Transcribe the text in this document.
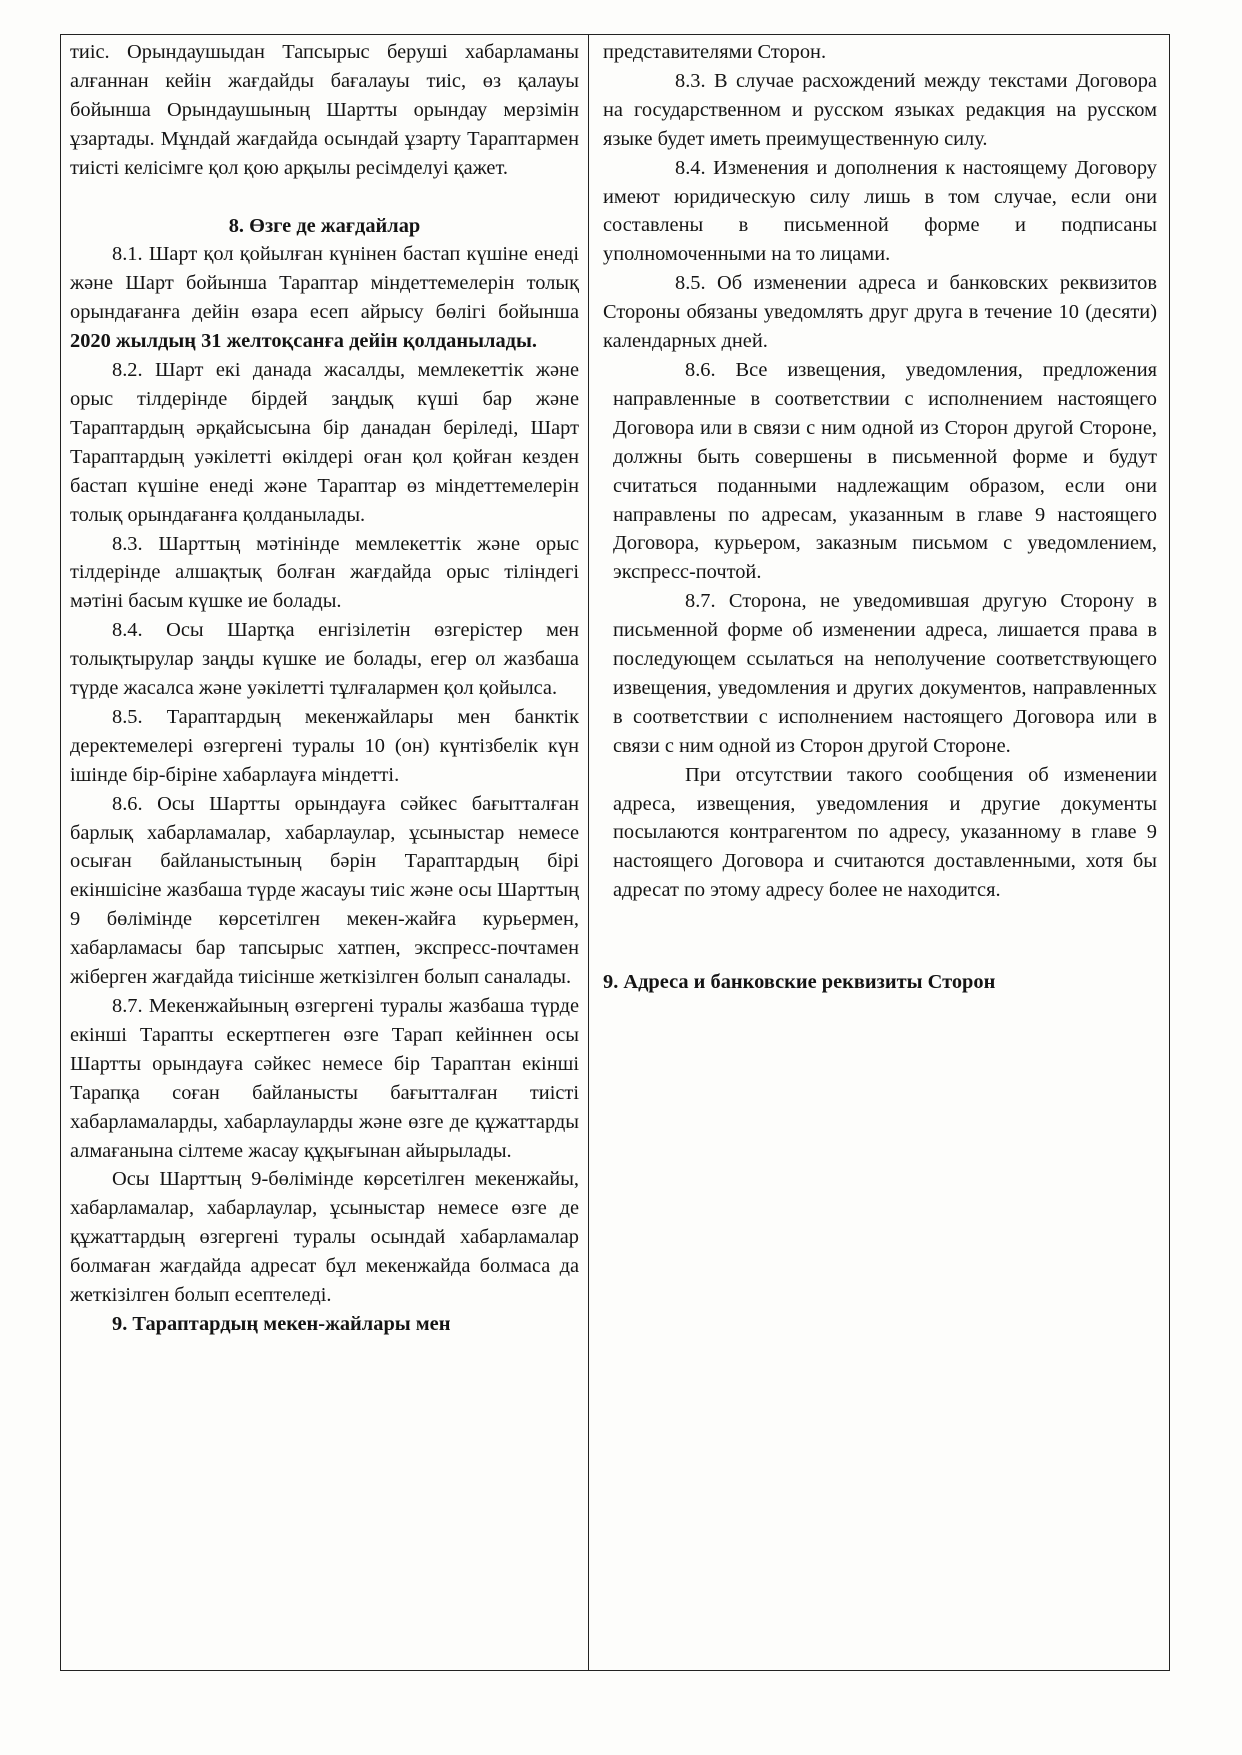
тиіс. Орындаушыдан Тапсырыс беруші хабарламаны алғаннан кейін жағдайды бағалауы тиіс, өз қалауы бойынша Орындаушының Шартты орындау мерзімін ұзартады. Мұндай жағдайда осындай ұзарту Тараптармен тиісті келісімге қол қою арқылы ресімделуі қажет.

8. Өзге де жағдайлар

8.1. Шарт қол қойылған күнінен бастап күшіне енеді және Шарт бойынша Тараптар міндеттемелерін толық орындағанға дейін өзара есеп айрысу бөлігі бойынша 2020 жылдың 31 желтоқсанға дейін қолданылады.

8.2. Шарт екі данада жасалды, мемлекеттік және орыс тілдерінде бірдей заңдық күші бар және Тараптардың әрқайсысына бір данадан беріледі, Шарт Тараптардың уәкілетті өкілдері оған қол қойған кезден бастап күшіне енеді және Тараптар өз міндеттемелерін толық орындағанға қолданылады.

8.3. Шарттың мәтінінде мемлекеттік және орыс тілдерінде алшақтық болған жағдайда орыс тіліндегі мәтіні басым күшке ие болады.

8.4. Осы Шартқа енгізілетін өзгерістер мен толықтырулар заңды күшке ие болады, егер ол жазбаша түрде жасалса және уәкілетті тұлғалармен қол қойылса.

8.5. Тараптардың мекенжайлары мен банктік деректемелері өзгергені туралы 10 (он) күнтізбелік күн ішінде бір-біріне хабарлауға міндетті.

8.6. Осы Шартты орындауға сәйкес бағытталған барлық хабарламалар, хабарлаулар, ұсыныстар немесе осыған байланыстының бәрін Тараптардың бірі екіншісіне жазбаша түрде жасауы тиіс және осы Шарттың 9 бөлімінде көрсетілген мекен-жайға курьермен, хабарламасы бар тапсырыс хатпен, экспресс-почтамен жіберген жағдайда тиісінше жеткізілген болып саналады.

8.7. Мекенжайының өзгергені туралы жазбаша түрде екінші Тарапты ескертпеген өзге Тарап кейіннен осы Шартты орындауға сәйкес немесе бір Тараптан екінші Тарапқа соған байланысты бағытталған тиісті хабарламаларды, хабарлауларды және өзге де құжаттарды алмағанына сілтеме жасау құқығынан айырылады.

Осы Шарттың 9-бөлімінде көрсетілген мекенжайы, хабарламалар, хабарлаулар, ұсыныстар немесе өзге де құжаттардың өзгергені туралы осындай хабарламалар болмаған жағдайда адресат бұл мекенжайда болмаса да жеткізілген болып есептеледі.

9. Тараптардың мекен-жайлары мен

представителями Сторон.

8.3. В случае расхождений между текстами Договора на государственном и русском языках редакция на русском языке будет иметь преимущественную силу.

8.4. Изменения и дополнения к настоящему Договору имеют юридическую силу лишь в том случае, если они составлены в письменной форме и подписаны уполномоченными на то лицами.

8.5. Об изменении адреса и банковских реквизитов Стороны обязаны уведомлять друг друга в течение 10 (десяти) календарных дней.

8.6. Все извещения, уведомления, предложения направленные в соответствии с исполнением настоящего Договора или в связи с ним одной из Сторон другой Стороне, должны быть совершены в письменной форме и будут считаться поданными надлежащим образом, если они направлены по адресам, указанным в главе 9 настоящего Договора, курьером, заказным письмом с уведомлением, экспресс-почтой.

8.7. Сторона, не уведомившая другую Сторону в письменной форме об изменении адреса, лишается права в последующем ссылаться на неполучение соответствующего извещения, уведомления и других документов, направленных в соответствии с исполнением настоящего Договора или в связи с ним одной из Сторон другой Стороне.

При отсутствии такого сообщения об изменении адреса, извещения, уведомления и другие документы посылаются контрагентом по адресу, указанному в главе 9 настоящего Договора и считаются доставленными, хотя бы адресат по этому адресу более не находится.

9. Адреса и банковские реквизиты Сторон
